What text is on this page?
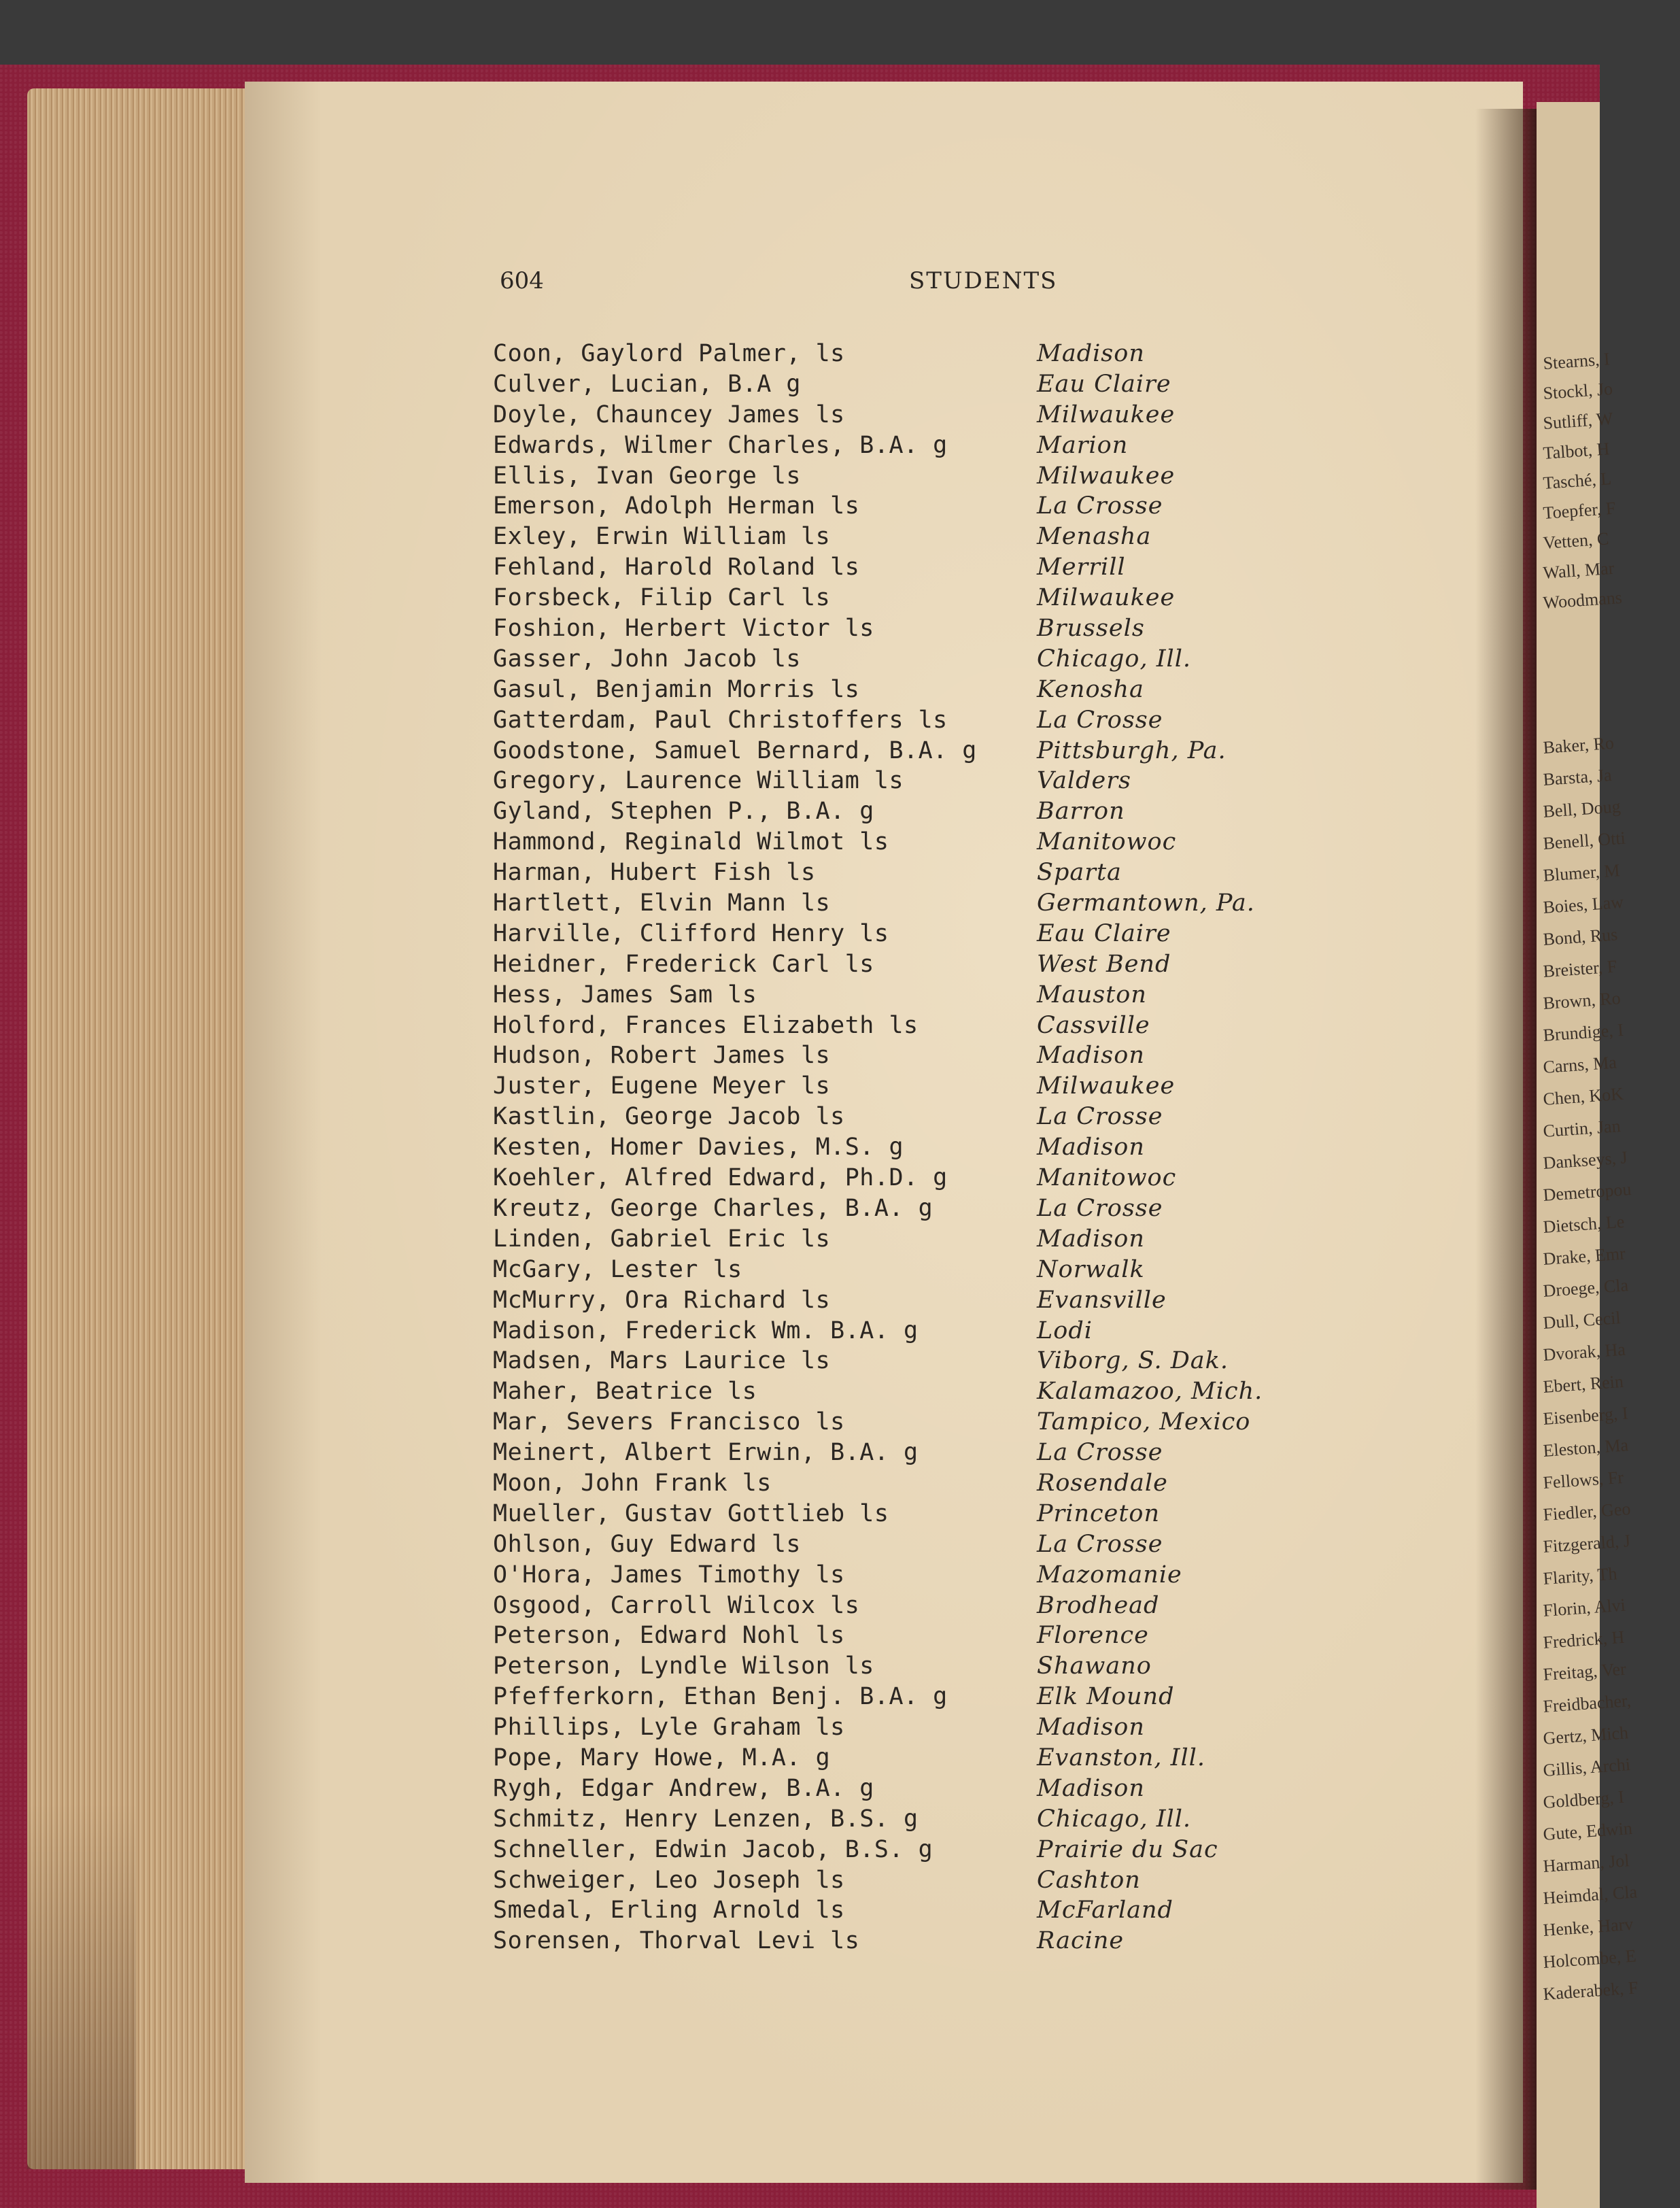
Stearns, I
Stockl, Jo
Sutliff, W
Talbot, H
Tasché, L
Toepfer, F
Vetten, C
Wall, Mar
Woodmans
Baker, Ro
Barsta, Ja
Bell, Doug
Benell, Otti
Blumer, M
Boies, Law
Bond, Rus
Breister, F
Brown, Ro
Brundige, I
Carns, Ma
Chen, KoK
Curtin, Jan
Dankseys, J
Demetropou
Dietsch, Le
Drake, Emr
Droege, Cla
Dull, Cecil
Dvorak, Ha
Ebert, Rein
Eisenberg, I
Eleston, Ma
Fellows, Fr
Fiedler, Geo
Fitzgerald, J
Flarity, Th
Florin, Alvi
Fredrick, H
Freitag, Ver
Freidbacher,
Gertz, Mich
Gillis, Archi
Goldberg, I
Gute, Edwin
Harman, Jol
Heimdal, Cla
Henke, Harv
Holcombe, E
Kaderabek, F
604	STUDENTS
Coon, Gaylord Palmer, ls	Madison
Culver, Lucian, B.A g	Eau Claire
Doyle, Chauncey James ls	Milwaukee
Edwards, Wilmer Charles, B.A. g	Marion
Ellis, Ivan George ls	Milwaukee
Emerson, Adolph Herman ls	La Crosse
Exley, Erwin William ls	Menasha
Fehland, Harold Roland ls	Merrill
Forsbeck, Filip Carl ls	Milwaukee
Foshion, Herbert Victor ls	Brussels
Gasser, John Jacob ls	Chicago, Ill.
Gasul, Benjamin Morris ls	Kenosha
Gatterdam, Paul Christoffers ls	La Crosse
Goodstone, Samuel Bernard, B.A. g	Pittsburgh, Pa.
Gregory, Laurence William ls	Valders
Gyland, Stephen P., B.A. g	Barron
Hammond, Reginald Wilmot ls	Manitowoc
Harman, Hubert Fish ls	Sparta
Hartlett, Elvin Mann ls	Germantown, Pa.
Harville, Clifford Henry ls	Eau Claire
Heidner, Frederick Carl ls	West Bend
Hess, James Sam ls	Mauston
Holford, Frances Elizabeth ls	Cassville
Hudson, Robert James ls	Madison
Juster, Eugene Meyer ls	Milwaukee
Kastlin, George Jacob ls	La Crosse
Kesten, Homer Davies, M.S. g	Madison
Koehler, Alfred Edward, Ph.D. g	Manitowoc
Kreutz, George Charles, B.A. g	La Crosse
Linden, Gabriel Eric ls	Madison
McGary, Lester ls	Norwalk
McMurry, Ora Richard ls	Evansville
Madison, Frederick Wm. B.A. g	Lodi
Madsen, Mars Laurice ls	Viborg, S. Dak.
Maher, Beatrice ls	Kalamazoo, Mich.
Mar, Severs Francisco ls	Tampico, Mexico
Meinert, Albert Erwin, B.A. g	La Crosse
Moon, John Frank ls	Rosendale
Mueller, Gustav Gottlieb ls	Princeton
Ohlson, Guy Edward ls	La Crosse
O'Hora, James Timothy ls	Mazomanie
Osgood, Carroll Wilcox ls	Brodhead
Peterson, Edward Nohl ls	Florence
Peterson, Lyndle Wilson ls	Shawano
Pfefferkorn, Ethan Benj. B.A. g	Elk Mound
Phillips, Lyle Graham ls	Madison
Pope, Mary Howe, M.A. g	Evanston, Ill.
Rygh, Edgar Andrew, B.A. g	Madison
Schmitz, Henry Lenzen, B.S. g	Chicago, Ill.
Schneller, Edwin Jacob, B.S. g	Prairie du Sac
Schweiger, Leo Joseph ls	Cashton
Smedal, Erling Arnold ls	McFarland
Sorensen, Thorval Levi ls	Racine
